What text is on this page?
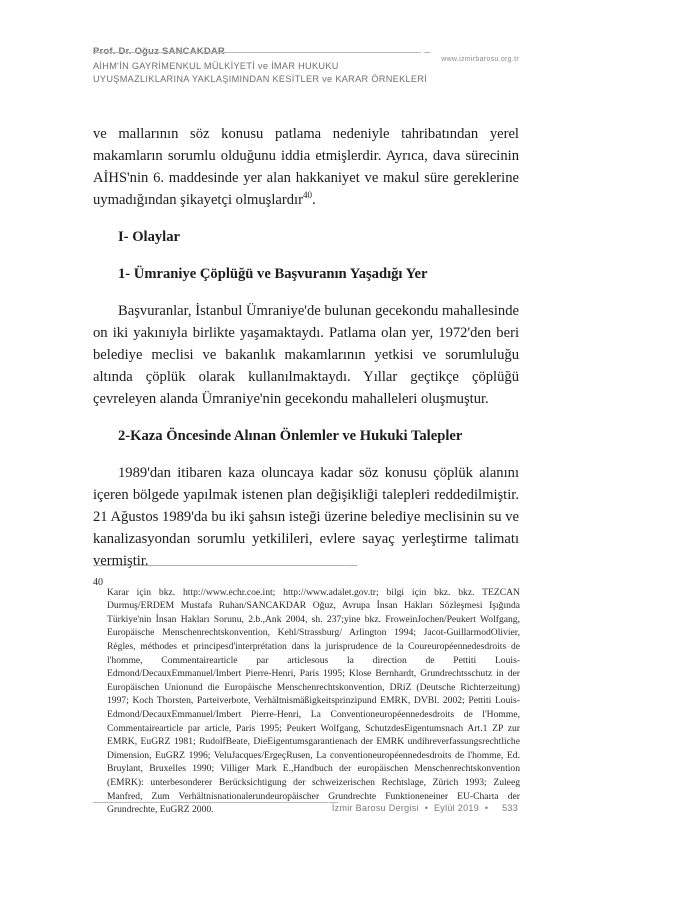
Prof. Dr. Oğuz SANCAKDAR
www.izmirbarosu.org.tr
AİHM'İN GAYRİMENKUL MÜLKİYETİ ve İMAR HUKUKU
UYUŞMAZLIKLARINA YAKLAŞIMINDAN KESİTLER ve KARAR ÖRNEKLERİ

ve mallarının söz konusu patlama nedeniyle tahribatından yerel makamların sorumlu olduğunu iddia etmişlerdir. Ayrıca, dava sürecinin AİHS'nin 6. maddesinde yer alan hakkaniyet ve makul süre gereklerine uymadığından şikayetçi olmuşlardır$^{40}$.

I- Olaylar

1- Ümraniye Çöplüğü ve Başvuranın Yaşadığı Yer

Başvuranlar, İstanbul Ümraniye'de bulunan gecekondu mahallesinde on iki yakınıyla birlikte yaşamaktaydı. Patlama olan yer, 1972'den beri belediye meclisi ve bakanlık makamlarının yetkisi ve sorumluluğu altında çöplük olarak kullanılmaktaydı. Yıllar geçtikçe çöplüğü çevreleyen alanda Ümraniye'nin gecekondu mahalleleri oluşmuştur.

2-Kaza Öncesinde Alınan Önlemler ve Hukuki Talepler

1989'dan itibaren kaza oluncaya kadar söz konusu çöplük alanını içeren bölgede yapılmak istenen plan değişikliği talepleri reddedilmiştir. 21 Ağustos 1989'da bu iki şahsın isteği üzerine belediye meclisinin su ve kanalizasyondan sorumlu yetkilileri, evlere sayaç yerleştirme talimatı vermiştir.

40

Karar için bkz. http://www.echr.coe.int; http://www.adalet.gov.tr; bilgi için bkz. bkz. TEZCAN Durmuş/ERDEM Mustafa Ruhan/SANCAKDAR Oğuz, Avrupa İnsan Hakları Sözleşmesi Işığında Türkiye'nin İnsan Hakları Sorunu, 2.b.,Ank 2004, sh. 237;yine bkz. FroweinJochen/Peukert Wolfgang, Europäische Menschenrechtskonvention, Kehl/Strassburg/ Arlington 1994; Jacot-GuillarmodOlivier, Règles, méthodes et principesd'interprétation dans la jurisprudence de la Coureuropéennedesdroits de l'homme, Commentairearticle par articlesous la direction de Pettiti Louis-Edmond/DecauxEmmanuel/Imbert Pierre-Henri, Paris 1995; Klose Bernhardt, Grundrechtsschutz in der Europäischen Unionund die Europäische Menschenrechtskonvention, DRiZ (Deutsche Richterzeitung) 1997; Koch Thorsten, Parteiverbote, Verhältnismäßigkeitsprinzipund EMRK, DVBl. 2002; Pettiti Louis-Edmond/DecauxEmmanuel/Imbert Pierre-Henri, La Conventioneuropéennedesdroits de l'Homme, Commentairearticle par article, Paris 1995; Peukert Wolfgang, SchutzdesEigentumsnach Art.1 ZP zur EMRK, EuGRZ 1981; RudolfBeate, DieEigentumsgarantienach der EMRK undihreverfassungsrechtliche Dimension, EuGRZ 1996; VeluJacques/ErgeçRusen, La conventioneuropéennedesdroits de l'homme, Ed. Bruylant, Bruxelles 1990; Villiger Mark E.,Handbuch der europäischen Menschenrechtskonvention (EMRK): unterbesonderer Berücksichtigung der schweizerischen Rechtslage, Zürich 1993; Zuleeg Manfred, Zum Verhältnisnationalerundeuropäischer Grundrechte Funktioneneiner EU-Charta der Grundrechte, EuGRZ 2000.	İzmir Barosu Dergisi • Eylül 2019 • 533
